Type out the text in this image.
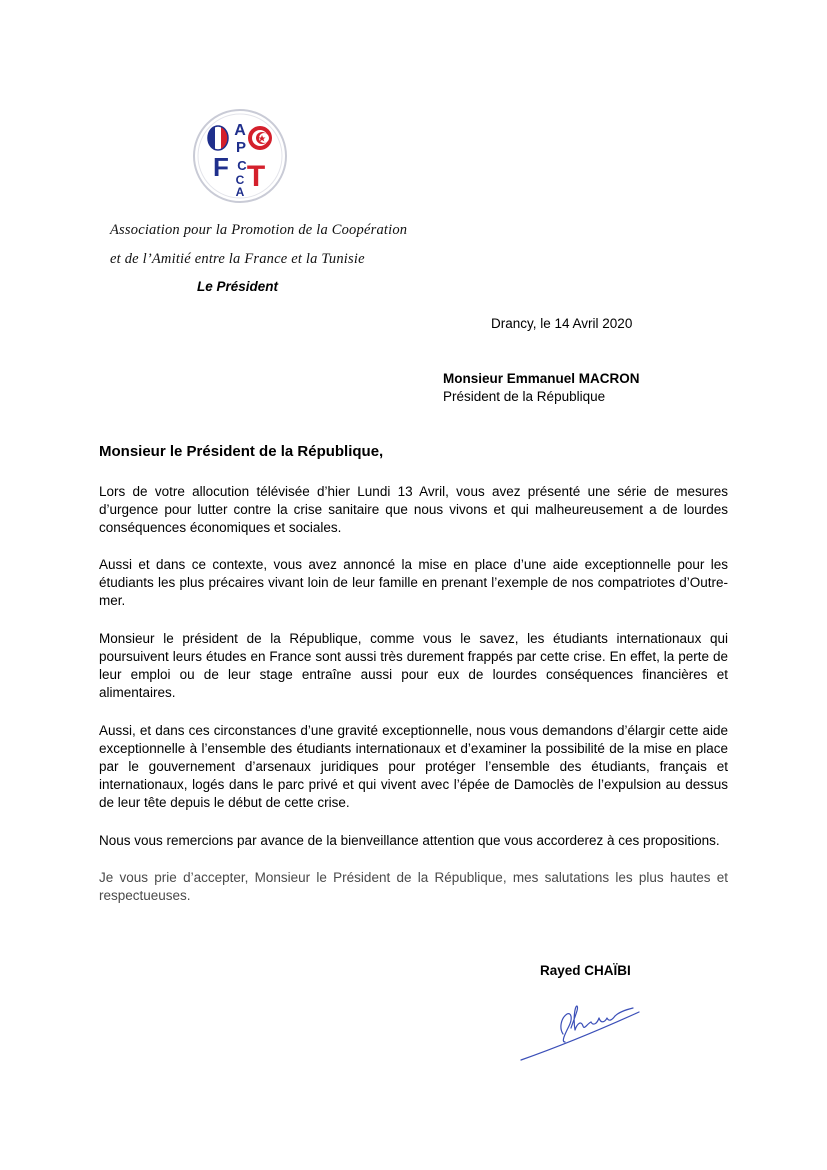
A
P
F C T
C
A
Association pour la Promotion de la Coopération
et de l’Amitié entre la France et la Tunisie
Le Président
Drancy, le 14 Avril 2020
Monsieur Emmanuel MACRON
Président de la République
Monsieur le Président de la République,

Lors de votre allocution télévisée d’hier Lundi 13 Avril, vous avez présenté une série de mesures d’urgence pour lutter contre la crise sanitaire que nous vivons et qui malheureusement a de lourdes conséquences économiques et sociales.

Aussi et dans ce contexte, vous avez annoncé la mise en place d’une aide exceptionnelle pour les étudiants les plus précaires vivant loin de leur famille en prenant l’exemple de nos compatriotes d’Outre-mer.

Monsieur le président de la République, comme vous le savez, les étudiants internationaux qui poursuivent leurs études en France sont aussi très durement frappés par cette crise. En effet, la perte de leur emploi ou de leur stage entraîne aussi pour eux de lourdes conséquences financières et alimentaires.

Aussi, et dans ces circonstances d’une gravité exceptionnelle, nous vous demandons d’élargir cette aide exceptionnelle à l’ensemble des étudiants internationaux et d’examiner la possibilité de la mise en place par le gouvernement d’arsenaux juridiques pour protéger l’ensemble des étudiants, français et internationaux, logés dans le parc privé et qui vivent avec l’épée de Damoclès de l’expulsion au dessus de leur tête depuis le début de cette crise.

Nous vous remercions par avance de la bienveillance attention que vous accorderez à ces propositions.

Je vous prie d’accepter, Monsieur le Président de la République, mes salutations les plus hautes et respectueuses.

Rayed CHAÏBI
